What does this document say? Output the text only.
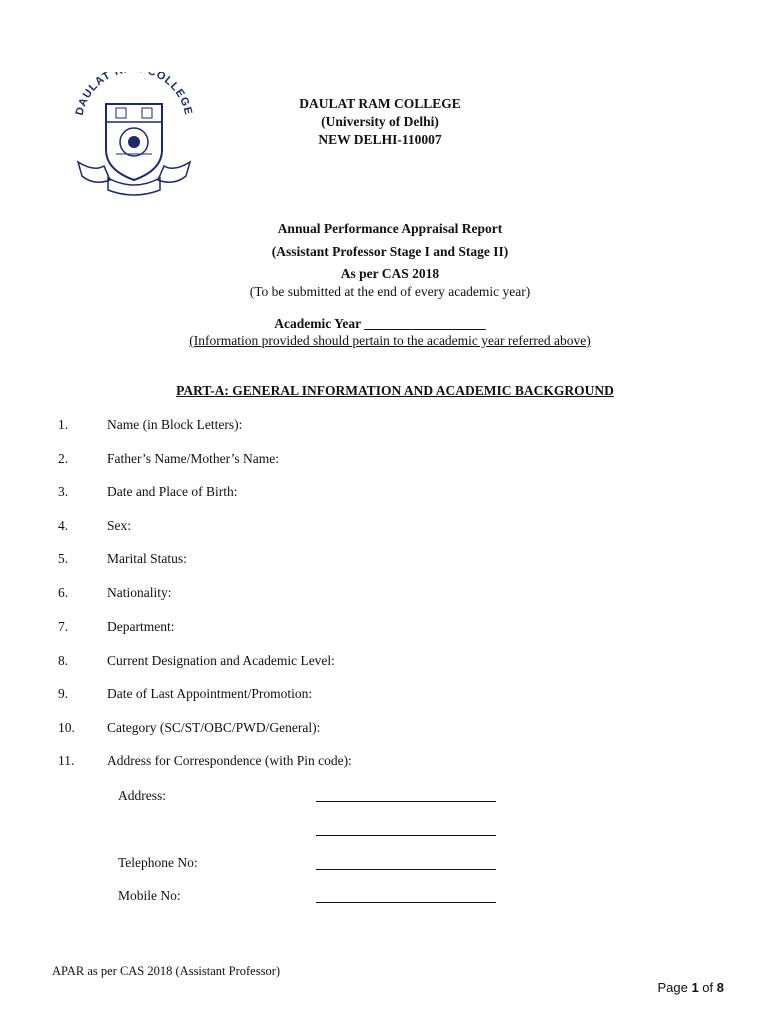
DAULAT COLLEGE
DAULAT RAM COLLEGE
(University of Delhi)
NEW DELHI-110007
Annual Performance Appraisal Report
(Assistant Professor Stage I and Stage II)
As per CAS 2018
(To be submitted at the end of every academic year)
Academic Year __________________
(Information provided should pertain to the academic year referred above)
PART-A: GENERAL INFORMATION AND ACADEMIC BACKGROUND
1.	Name (in Block Letters):
2.	Father’s Name/Mother’s Name:
3.	Date and Place of Birth:
4.	Sex:
5.	Marital Status:
6.	Nationality:
7.	Department:
8.	Current Designation and Academic Level:
9.	Date of Last Appointment/Promotion:
10. Category (SC/ST/OBC/PWD/General):
11. Address for Correspondence (with Pin code):
Address:
Telephone No:
Mobile No:
APAR as per CAS 2018 (Assistant Professor)
Page 1 of 8
